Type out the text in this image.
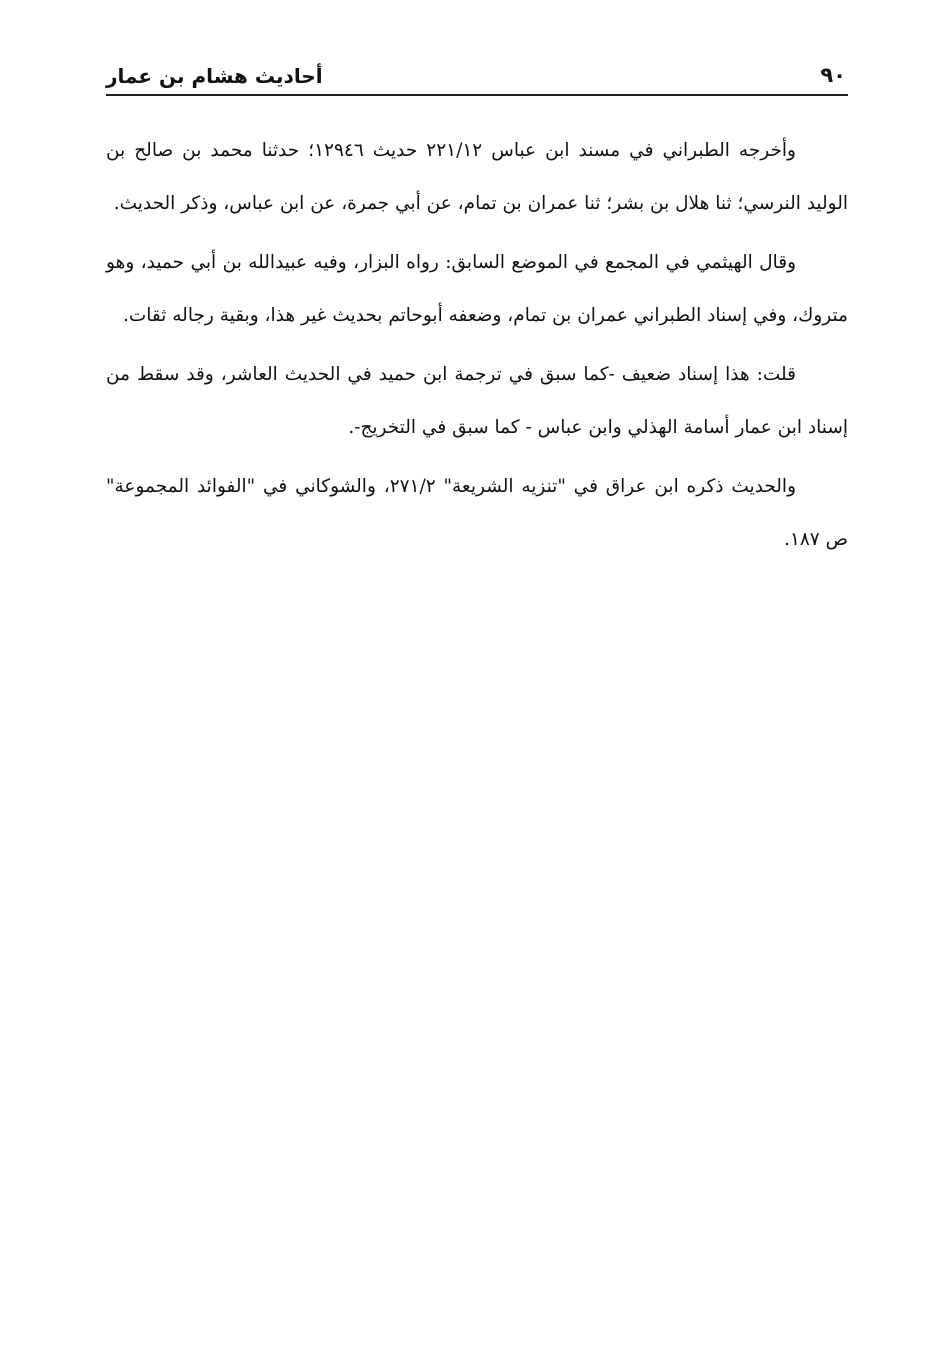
٩٠
أحاديث هشام بن عمار

وأخرجه الطبراني في مسند ابن عباس ٢٢١/١٢ حديث ١٢٩٤٦؛ حدثنا محمد بن صالح بن الوليد النرسي؛ ثنا هلال بن بشر؛ ثنا عمران بن تمام، عن أبي جمرة، عن ابن عباس، وذكر الحديث.

وقال الهيثمي في المجمع في الموضع السابق: رواه البزار، وفيه عبيدالله بن أبي حميد، وهو متروك، وفي إسناد الطبراني عمران بن تمام، وضعفه أبوحاتم بحديث غير هذا، وبقية رجاله ثقات.

قلت: هذا إسناد ضعيف -كما سبق في ترجمة ابن حميد في الحديث العاشر، وقد سقط من إسناد ابن عمار أسامة الهذلي وابن عباس - كما سبق في التخريج-.

والحديث ذكره ابن عراق في "تنزيه الشريعة" ٢٧١/٢، والشوكاني في "الفوائد المجموعة" ص ١٨٧.
